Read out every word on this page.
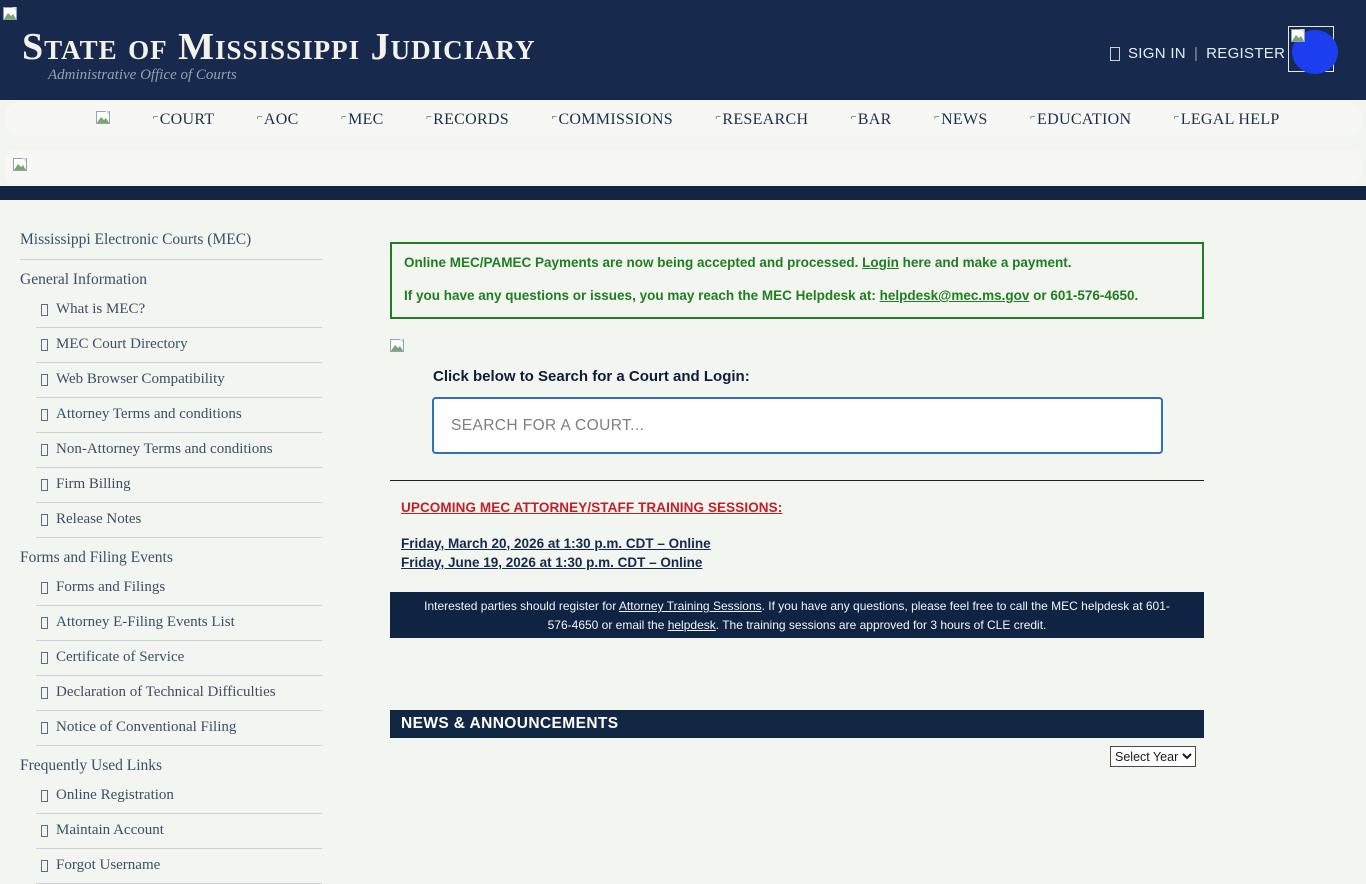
State of Mississippi Judiciary
Administrative Office of Courts
SIGN IN | REGISTER
⌐COURT	⌐AOC	⌐MEC	⌐RECORDS	⌐COMMISSIONS	⌐RESEARCH	⌐BAR	⌐NEWS	⌐EDUCATION	⌐LEGAL HELP
Mississippi Electronic Courts (MEC)
General Information
What is MEC?
MEC Court Directory
Web Browser Compatibility
Attorney Terms and conditions
Non-Attorney Terms and conditions
Firm Billing
Release Notes
Forms and Filing Events
Forms and Filings
Attorney E-Filing Events List
Certificate of Service
Declaration of Technical Difficulties
Notice of Conventional Filing
Frequently Used Links
Online Registration
Maintain Account
Forgot Username
Online MEC/PAMEC Payments are now being accepted and processed. Login here and make a payment.
If you have any questions or issues, you may reach the MEC Helpdesk at: helpdesk@mec.ms.gov or 601-576-4650.
Click below to Search for a Court and Login:
SEARCH FOR A COURT...
UPCOMING MEC ATTORNEY/STAFF TRAINING SESSIONS:
Friday, March 20, 2026 at 1:30 p.m. CDT – Online
Friday, June 19, 2026 at 1:30 p.m. CDT – Online
Interested parties should register for Attorney Training Sessions. If you have any questions, please feel free to call the MEC helpdesk at 601-576-4650 or email the helpdesk. The training sessions are approved for 3 hours of CLE credit.
NEWS & ANNOUNCEMENTS
Select Year
